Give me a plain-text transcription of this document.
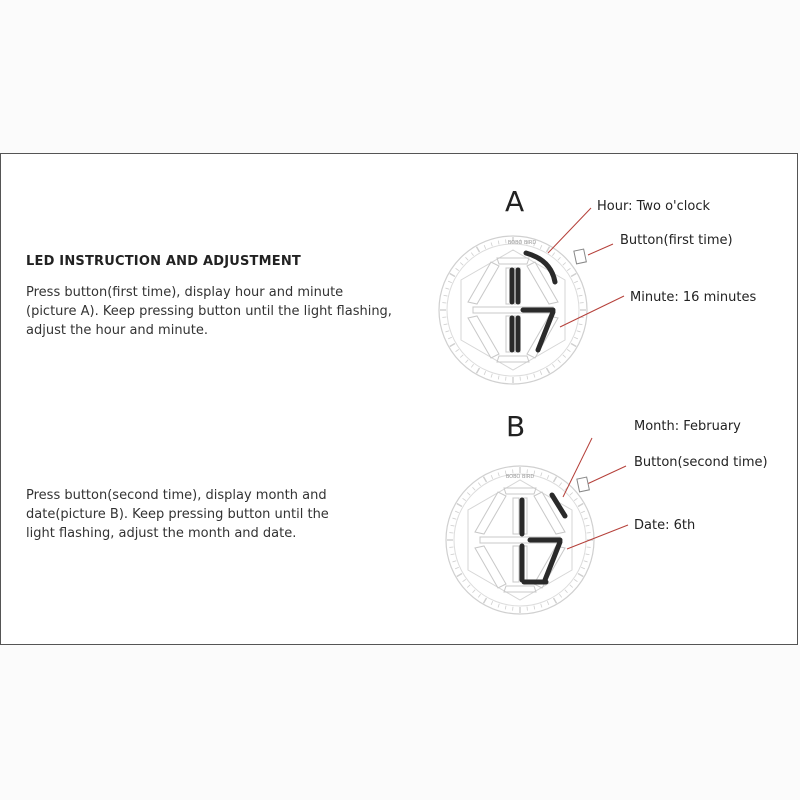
LED INSTRUCTION AND ADJUSTMENT
Press button(first time), display hour and minute
(picture A). Keep pressing button until the light flashing,
adjust the hour and minute.
Press button(second time), display month and
date(picture B). Keep pressing button until the
light flashing, adjust the month and date.
A
B
Hour: Two o'clock
Button(first time)
Minute: 16 minutes
Month: February
Button(second time)
Date: 6th
BOBO BIRD
BOBO BIRD
